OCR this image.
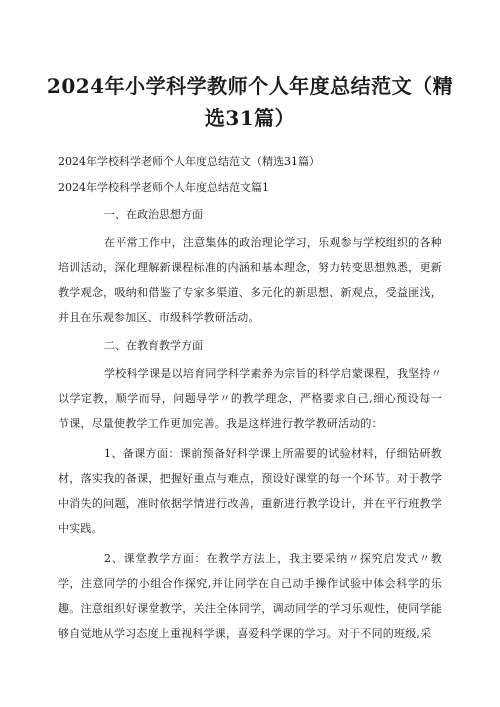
2024年小学科学教师个人年度总结范文（精选31篇）

2024年学校科学老师个人年度总结范文（精选31篇）

2024年学校科学老师个人年度总结范文篇1

一、在政治思想方面

在平常工作中，注意集体的政治理论学习，乐观参与学校组织的各种培训活动，深化理解新课程标准的内涵和基本理念，努力转变思想熟悉，更新教学观念，吸纳和借鉴了专家多渠道、多元化的新思想、新观点，受益匪浅，并且在乐观参加区、市级科学教研活动。

二、在教育教学方面

学校科学课是以培育同学科学素养为宗旨的科学启蒙课程，我坚持〃以学定教，顺学而导，问题导学〃的教学理念，严格要求自己,细心预设每一节课，尽量使教学工作更加完善。我是这样进行教学教研活动的：

1、备课方面：课前预备好科学课上所需要的试验材料，仔细钻研教材，落实我的备课，把握好重点与难点，预设好课堂的每一个环节。对于教学中消失的问题，准时依据学情进行改善，重新进行教学设计，并在平行班教学中实践。

2、课堂教学方面：在教学方法上，我主要采纳〃探究启发式〃教学，注意同学的小组合作探究,并让同学在自己动手操作试验中体会科学的乐趣。注意组织好课堂教学，关注全体同学，调动同学的学习乐观性，使同学能够自觉地从学习态度上重视科学课，喜爱科学课的学习。对于不同的班级,采
